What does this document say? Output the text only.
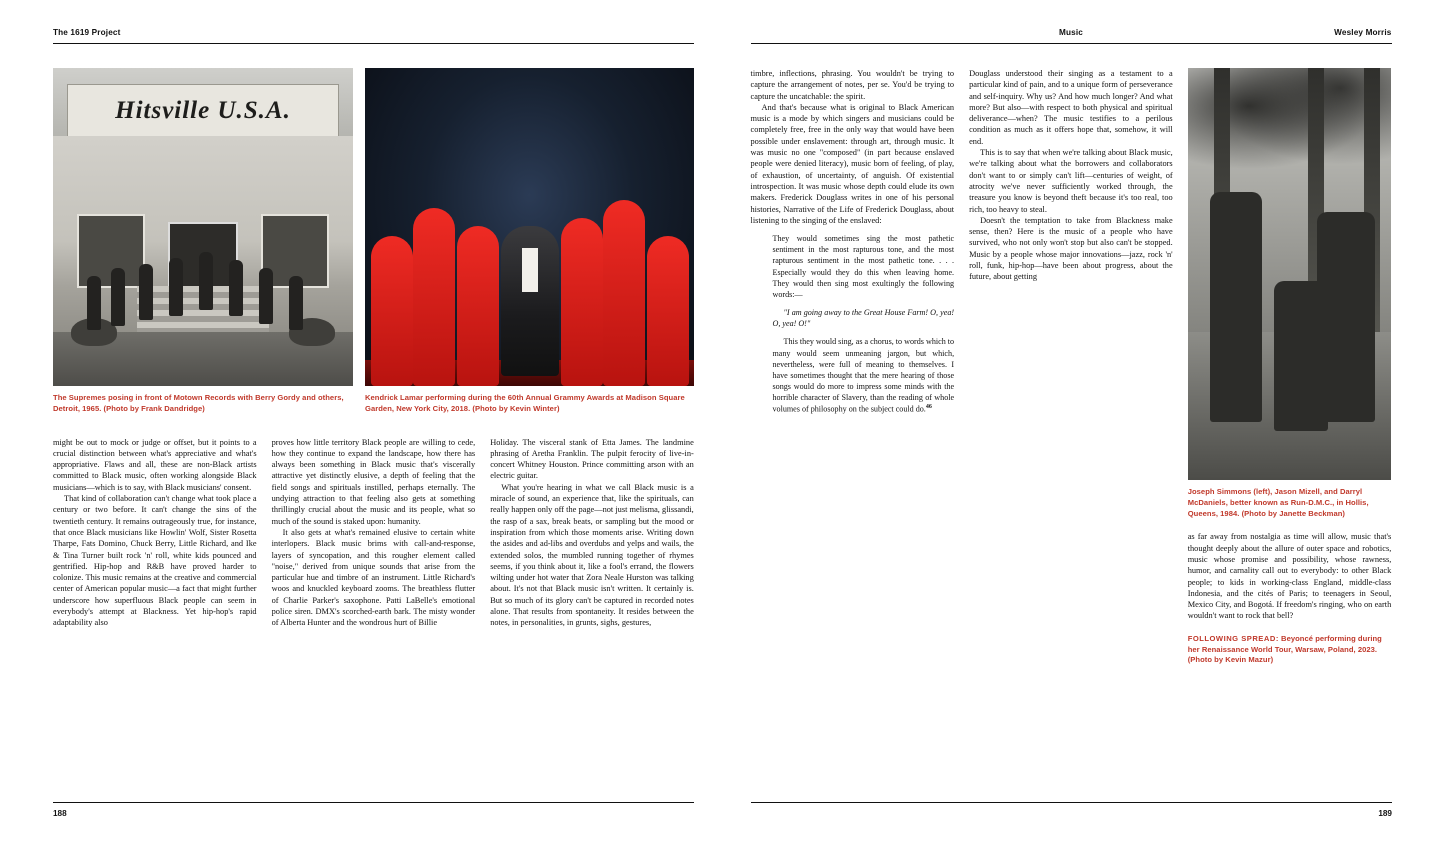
The 1619 Project
Hitsville U.S.A.
The Supremes posing in front of Motown Records with Berry Gordy and others, Detroit, 1965. (Photo by Frank Dandridge)
Kendrick Lamar performing during the 60th Annual Grammy Awards at Madison Square Garden, New York City, 2018. (Photo by Kevin Winter)

might be out to mock or judge or offset, but it points to a crucial distinction between what's appreciative and what's appropriative. Flaws and all, these are non-Black artists committed to Black music, often working alongside Black musicians—which is to say, with Black musicians' consent.

That kind of collaboration can't change what took place a century or two before. It can't change the sins of the twentieth century. It remains outrageously true, for instance, that once Black musicians like Howlin' Wolf, Sister Rosetta Tharpe, Fats Domino, Chuck Berry, Little Richard, and Ike & Tina Turner built rock 'n' roll, white kids pounced and gentrified. Hip-hop and R&B have proved harder to colonize. This music remains at the creative and commercial center of American popular music—a fact that might further underscore how superfluous Black people can seem in everybody's attempt at Blackness. Yet hip-hop's rapid adaptability also

proves how little territory Black people are willing to cede, how they continue to expand the landscape, how there has always been something in Black music that's viscerally attractive yet distinctly elusive, a depth of feeling that the field songs and spirituals instilled, perhaps eternally. The undying attraction to that feeling also gets at something thrillingly crucial about the music and its people, what so much of the sound is staked upon: humanity.

It also gets at what's remained elusive to certain white interlopers. Black music brims with call-and-response, layers of syncopation, and this rougher element called "noise," derived from unique sounds that arise from the particular hue and timbre of an instrument. Little Richard's woos and knuckled keyboard zooms. The breathless flutter of Charlie Parker's saxophone. Patti LaBelle's emotional police siren. DMX's scorched-earth bark. The misty wonder of Alberta Hunter and the wondrous hurt of Billie

Holiday. The visceral stank of Etta James. The landmine phrasing of Aretha Franklin. The pulpit ferocity of live-in-concert Whitney Houston. Prince committing arson with an electric guitar.

What you're hearing in what we call Black music is a miracle of sound, an experience that, like the spirituals, can really happen only off the page—not just melisma, glissandi, the rasp of a sax, break beats, or sampling but the mood or inspiration from which those moments arise. Writing down the asides and ad-libs and overdubs and yelps and wails, the extended solos, the mumbled running together of rhymes seems, if you think about it, like a fool's errand, the flowers wilting under hot water that Zora Neale Hurston was talking about. It's not that Black music isn't written. It certainly is. But so much of its glory can't be captured in recorded notes alone. That results from spontaneity. It resides between the notes, in personalities, in grunts, sighs, gestures,

188
Music	Wesley Morris

timbre, inflections, phrasing. You wouldn't be trying to capture the arrangement of notes, per se. You'd be trying to capture the uncatchable: the spirit.

And that's because what is original to Black American music is a mode by which singers and musicians could be completely free, free in the only way that would have been possible under enslavement: through art, through music. It was music no one "composed" (in part because enslaved people were denied literacy), music born of feeling, of play, of exhaustion, of uncertainty, of anguish. Of existential introspection. It was music whose depth could elude its own makers. Frederick Douglass writes in one of his personal histories, Narrative of the Life of Frederick Douglass, about listening to the singing of the enslaved:

They would sometimes sing the most pathetic sentiment in the most rapturous tone, and the most rapturous sentiment in the most pathetic tone. . . . Especially would they do this when leaving home. They would then sing most exultingly the following words:—

"I am going away to the Great House Farm! O, yea! O, yea! O!"

This they would sing, as a chorus, to words which to many would seem unmeaning jargon, but which, nevertheless, were full of meaning to themselves. I have sometimes thought that the mere hearing of those songs would do more to impress some minds with the horrible character of Slavery, than the reading of whole volumes of philosophy on the subject could do.$^{46}$

Douglass understood their singing as a testament to a particular kind of pain, and to a unique form of perseverance and self-inquiry. Why us? And how much longer? And what more? But also—with respect to both physical and spiritual deliverance—when? The music testifies to a perilous condition as much as it offers hope that, somehow, it will end.

This is to say that when we're talking about Black music, we're talking about what the borrowers and collaborators don't want to or simply can't lift—centuries of weight, of atrocity we've never sufficiently worked through, the treasure you know is beyond theft because it's too real, too rich, too heavy to steal.

Doesn't the temptation to take from Blackness make sense, then? Here is the music of a people who have survived, who not only won't stop but also can't be stopped. Music by a people whose major innovations—jazz, rock 'n' roll, funk, hip-hop—have been about progress, about the future, about getting

Joseph Simmons (left), Jason Mizell, and Darryl McDaniels, better known as Run-D.M.C., in Hollis, Queens, 1984. (Photo by Janette Beckman)

as far away from nostalgia as time will allow, music that's thought deeply about the allure of outer space and robotics, music whose promise and possibility, whose rawness, humor, and carnality call out to everybody: to other Black people; to kids in working-class England, middle-class Indonesia, and the cités of Paris; to teenagers in Seoul, Mexico City, and Bogotá. If freedom's ringing, who on earth wouldn't want to rock that bell?

FOLLOWING SPREAD: Beyoncé performing during her Renaissance World Tour, Warsaw, Poland, 2023. (Photo by Kevin Mazur)
189
